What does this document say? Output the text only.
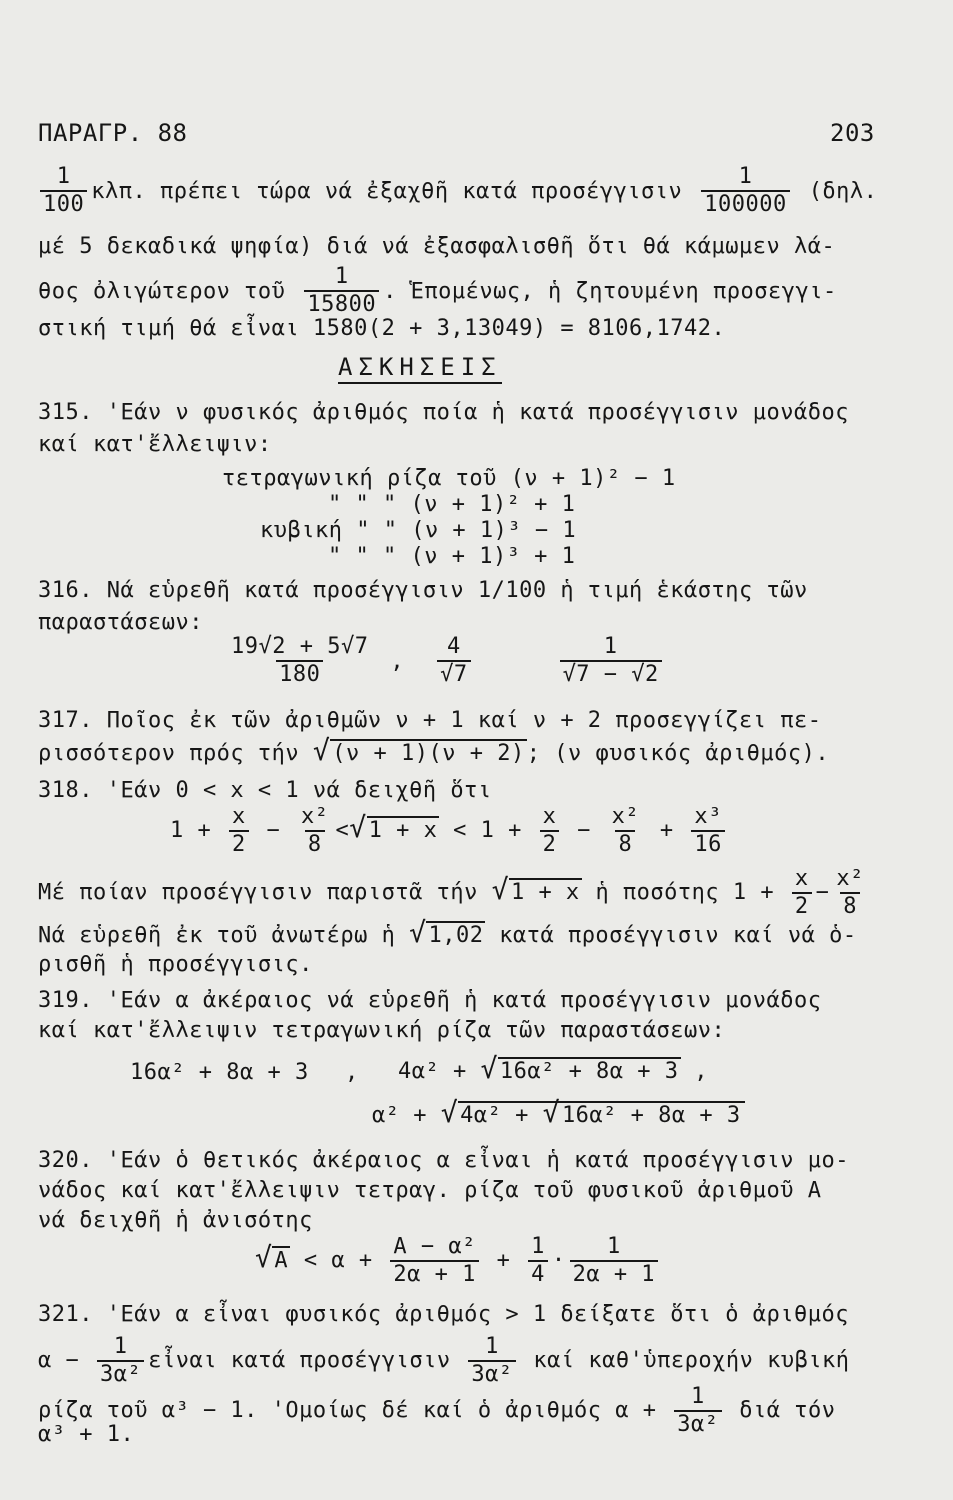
ΠΑΡΑΓΡ. 88	203
$\frac{1}{100} \kappa\lambda\pi$. πρέπει τώρα νά ἐξαχθῆ κατά προσέγγισιν $\frac{1}{100000} (\delta\eta\lambda$.
μέ 5 δεκαδικά ψηφία) διά νά ἐξασφαλισθῆ ὅτι θά κάμωμεν λά-
θος ὀλιγώτερον τοῦ $\frac{1}{15800}$ . Ἑπομένως, ἡ ζητουμένη προσεγγι-
στική τιμή θά εἶναι 1580(2 + 3,13049) = 8106,1742.
ΑΣΚΗΣΕΙΣ
315. 'Εάν ν φυσικός ἀριθμός ποία ἡ κατά προσέγγισιν μονάδος
καί κατ'ἔλλειψιν:
τετραγωνική ρίζα τοῦ (ν + 1)² − 1
" " " (ν + 1)² + 1
κυβική " " (ν + 1)³ − 1
" " " (ν + 1)³ + 1
316. Νά εὑρεθῆ κατά προσέγγισιν 1/100 ἡ τιμή ἑκάστης τῶν
παραστάσεων:
$\frac{19√2 + 5√7}{180}$ , $\frac{4}{√7}$
	$\frac{1}{√7 - √2}$
317. Ποῖος ἐκ τῶν ἀριθμῶν ν + 1 καί ν + 2 προσεγγίζει πε-
ρισσότερον πρός τήν √(ν + 1)(ν + 2); (ν φυσικός ἀριθμός).
318. 'Εάν 0 < x < 1 νά δειχθῆ ὅτι
$1 + \frac{x}{2} - \frac{\text{x²}}{8} <√1 + x < 1 + \frac{x}{2} - \frac{\text{x²}}{8} + \frac{\text{x³}}{16}$
Μέ ποίαν προσέγγισιν παριστᾶ τήν √1 + x ἡ ποσότης $1 + \frac{x}{2} - \frac{\text{x²}}{8}$
Νά εὑρεθῆ ἐκ τοῦ ἀνωτέρω ἡ √1,02 κατά προσέγγισιν καί νά ὁ-
ρισθῆ ἡ προσέγγισις.
319. 'Εάν α ἀκέραιος νά εὑρεθῆ ἡ κατά προσέγγισιν μονάδος
καί κατ'ἔλλειψιν τετραγωνική ρίζα τῶν παραστάσεων:
16α² + 8α + 3 , 4α² + √16α² + 8α + 3 ,
α² + √4α² + √16α² + 8α + 3
320. 'Εάν ὁ θετικός ἀκέραιος α εἶναι ἡ κατά προσέγγισιν μο-
νάδος καί κατ'ἔλλειψιν τετραγ. ρίζα τοῦ φυσικοῦ ἀριθμοῦ Α
νά δειχθῆ ἡ ἀνισότης
$√A < \alpha + \frac{\text{Α − α²}}{2\alpha + 1} + \frac{1}{4} \cdot \frac{1}{2\alpha + 1}$
321. 'Εάν α εἶναι φυσικός ἀριθμός > 1 δείξατε ὅτι ὁ ἀριθμός
$\alpha - \frac{1}{\text{3α²}}$ εἶναι κατά προσέγγισιν $\frac{1}{\text{3α²}}$ καί καθ'ὑπεροχήν κυβική
ρίζα τοῦ α³ − 1. 'Ομοίως δέ καί ὁ ἀριθμός $\alpha + \frac{1}{\text{3α²}}$ διά τόν
α³ + 1.
